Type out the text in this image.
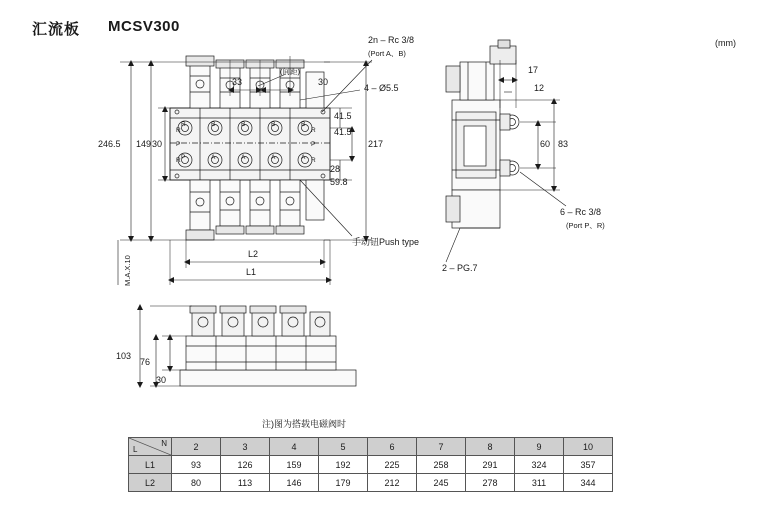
汇流板 MCSV300
(mm)
2n – Rc 3/8
(Port A、B)
4 – Ø5.5
(间距)
33	30
手动钮Push type
6 – Rc 3/8
(Port P、R)
2 – PG.7
246.5 149 30
M.A.X.10
L2
L1
41.5
41.5
217
28
59.8
17
12
60 83
103
76
30
R	B	B	B	B
P	A	A	A	A
R
P
R
R
P
R
注)图为搭载电磁阀时
N
L	2	3	4	5	6	7	8	9	10
L1	93	126	159	192	225	258	291	324	357
L2	80	113	146	179	212	245	278	311	344
